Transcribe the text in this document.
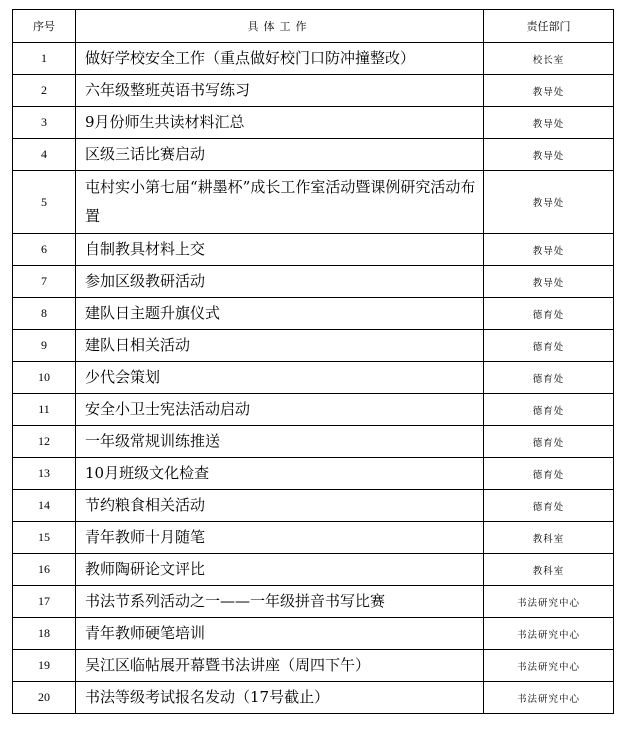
序号	具体工作	责任部门
1	做好学校安全工作（重点做好校门口防冲撞整改）	校长室
2	六年级整班英语书写练习	教导处
3	9月份师生共读材料汇总	教导处
4	区级三话比赛启动	教导处
5	屯村实小第七届“耕墨杯”成长工作室活动暨课例研究活动布置	教导处
6	自制教具材料上交	教导处
7	参加区级教研活动	教导处
8	建队日主题升旗仪式	德育处
9	建队日相关活动	德育处
10	少代会策划	德育处
11	安全小卫士宪法活动启动	德育处
12	一年级常规训练推送	德育处
13	10月班级文化检查	德育处
14	节约粮食相关活动	德育处
15	青年教师十月随笔	教科室
16	教师陶研论文评比	教科室
17	书法节系列活动之一——一年级拼音书写比赛	书法研究中心
18	青年教师硬笔培训	书法研究中心
19	吴江区临帖展开幕暨书法讲座（周四下午）	书法研究中心
20	书法等级考试报名发动（17号截止）	书法研究中心
